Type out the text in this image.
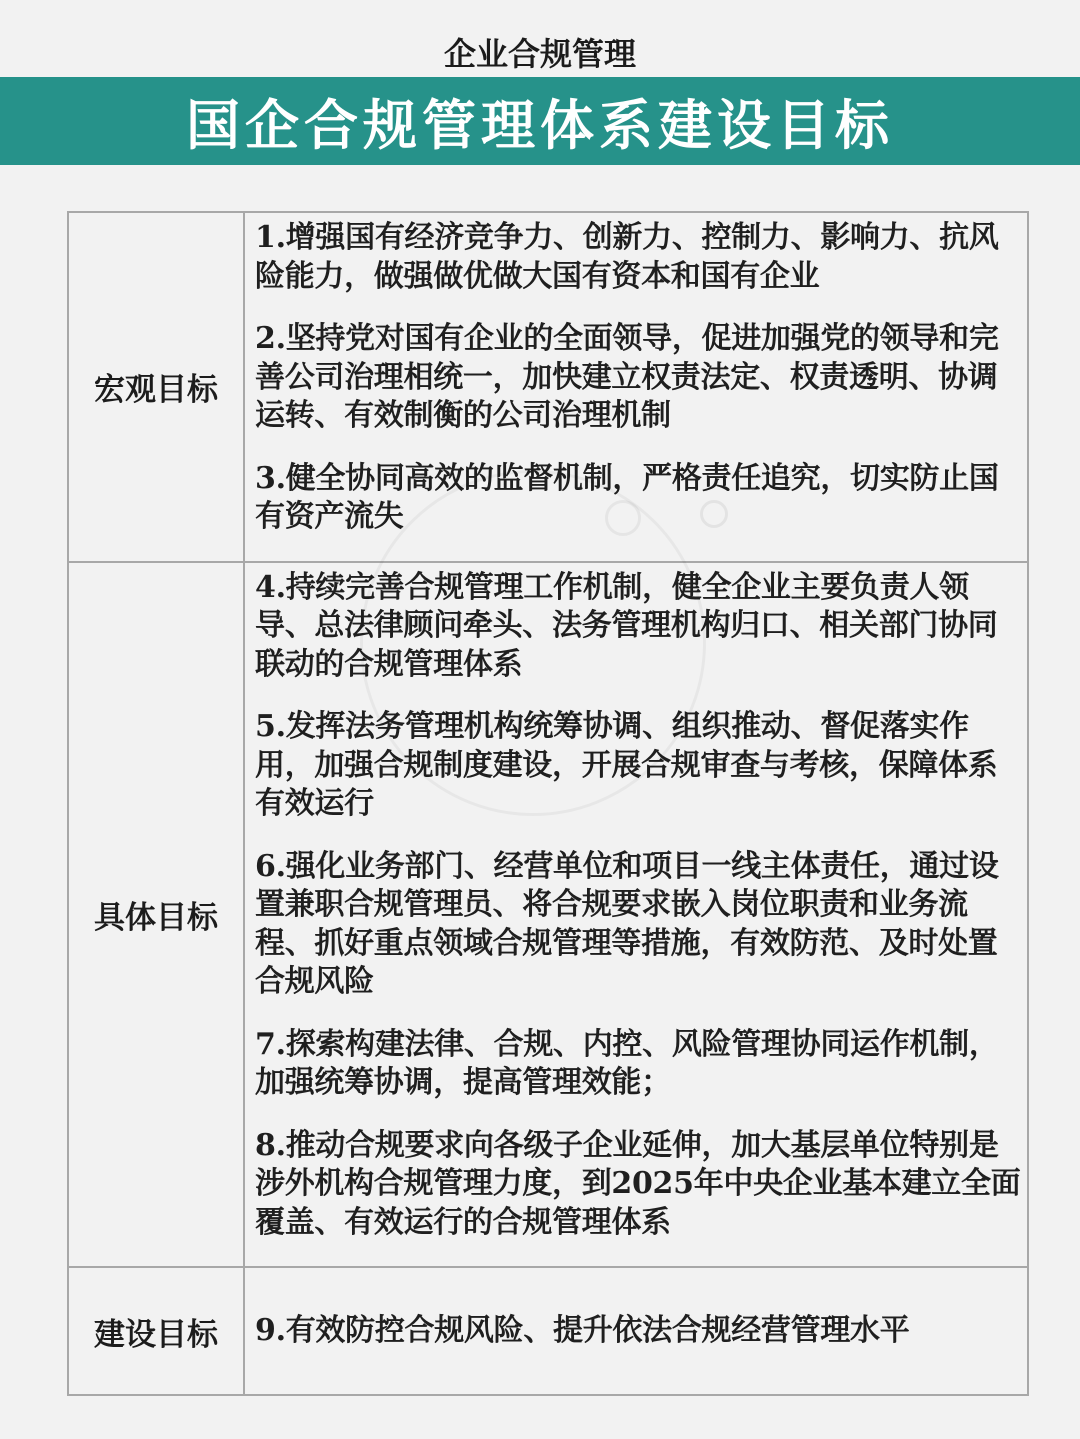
企业合规管理
国企合规管理体系建设目标
宏观目标	1.增强国有经济竞争力、创新力、控制力、影响力、抗风险能力，做强做优做大国有资本和国有企业
2.坚持党对国有企业的全面领导，促进加强党的领导和完善公司治理相统一，加快建立权责法定、权责透明、协调运转、有效制衡的公司治理机制
3.健全协同高效的监督机制，严格责任追究，切实防止国有资产流失

具体目标	4.持续完善合规管理工作机制，健全企业主要负责人领导、总法律顾问牵头、法务管理机构归口、相关部门协同联动的合规管理体系
5.发挥法务管理机构统筹协调、组织推动、督促落实作用，加强合规制度建设，开展合规审查与考核，保障体系有效运行
6.强化业务部门、经营单位和项目一线主体责任，通过设置兼职合规管理员、将合规要求嵌入岗位职责和业务流程、抓好重点领域合规管理等措施，有效防范、及时处置合规风险
7.探索构建法律、合规、内控、风险管理协同运作机制，加强统筹协调，提高管理效能；
8.推动合规要求向各级子企业延伸，加大基层单位特别是涉外机构合规管理力度，到2025年中央企业基本建立全面覆盖、有效运行的合规管理体系

建设目标	9.有效防控合规风险、提升依法合规经营管理水平
